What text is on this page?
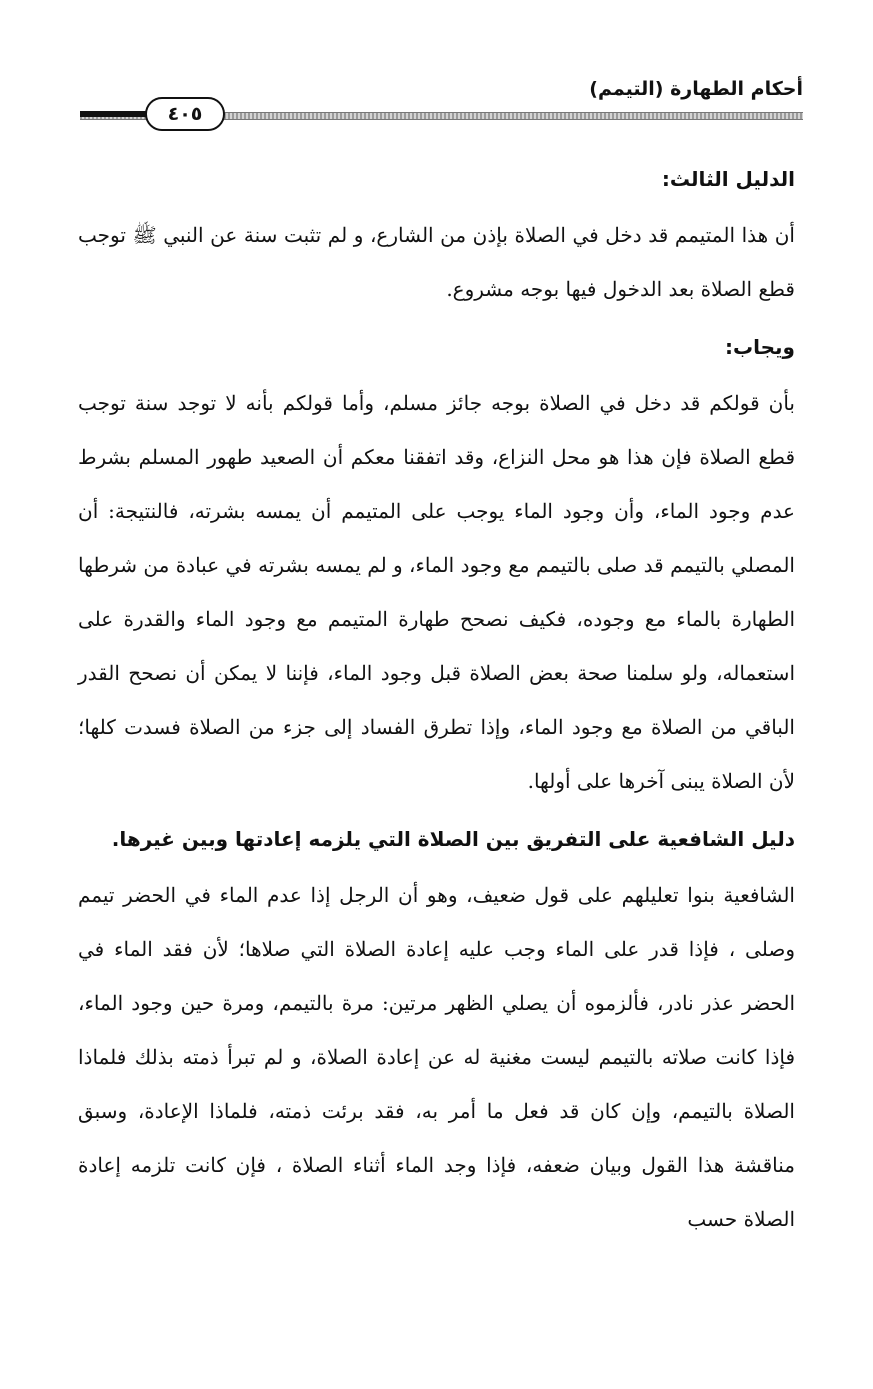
٤٠٥
أحكام الطهارة (التيمم)
الدليل الثالث:

أن هذا المتيمم قد دخل في الصلاة بإذن من الشارع، و لم تثبت سنة عن النبي ﷺ توجب قطع الصلاة بعد الدخول فيها بوجه مشروع.

ويجاب:

بأن قولكم قد دخل في الصلاة بوجه جائز مسلم، وأما قولكم بأنه لا توجد سنة توجب قطع الصلاة فإن هذا هو محل النزاع، وقد اتفقنا معكم أن الصعيد طهور المسلم بشرط عدم وجود الماء، وأن وجود الماء يوجب على المتيمم أن يمسه بشرته، فالنتيجة: أن المصلي بالتيمم قد صلى بالتيمم مع وجود الماء، و لم يمسه بشرته في عبادة من شرطها الطهارة بالماء مع وجوده، فكيف نصحح طهارة المتيمم مع وجود الماء والقدرة على استعماله، ولو سلمنا صحة بعض الصلاة قبل وجود الماء، فإننا لا يمكن أن نصحح القدر الباقي من الصلاة مع وجود الماء، وإذا تطرق الفساد إلى جزء من الصلاة فسدت كلها؛ لأن الصلاة يبنى آخرها على أولها.

دليل الشافعية على التفريق بين الصلاة التي يلزمه إعادتها وبين غيرها.

الشافعية بنوا تعليلهم على قول ضعيف، وهو أن الرجل إذا عدم الماء في الحضر تيمم وصلى ، فإذا قدر على الماء وجب عليه إعادة الصلاة التي صلاها؛ لأن فقد الماء في الحضر عذر نادر، فألزموه أن يصلي الظهر مرتين: مرة بالتيمم، ومرة حين وجود الماء، فإذا كانت صلاته بالتيمم ليست مغنية له عن إعادة الصلاة، و لم تبرأ ذمته بذلك فلماذا الصلاة بالتيمم، وإن كان قد فعل ما أمر به، فقد برئت ذمته، فلماذا الإعادة، وسبق مناقشة هذا القول وبيان ضعفه، فإذا وجد الماء أثناء الصلاة ، فإن كانت تلزمه إعادة الصلاة حسب
